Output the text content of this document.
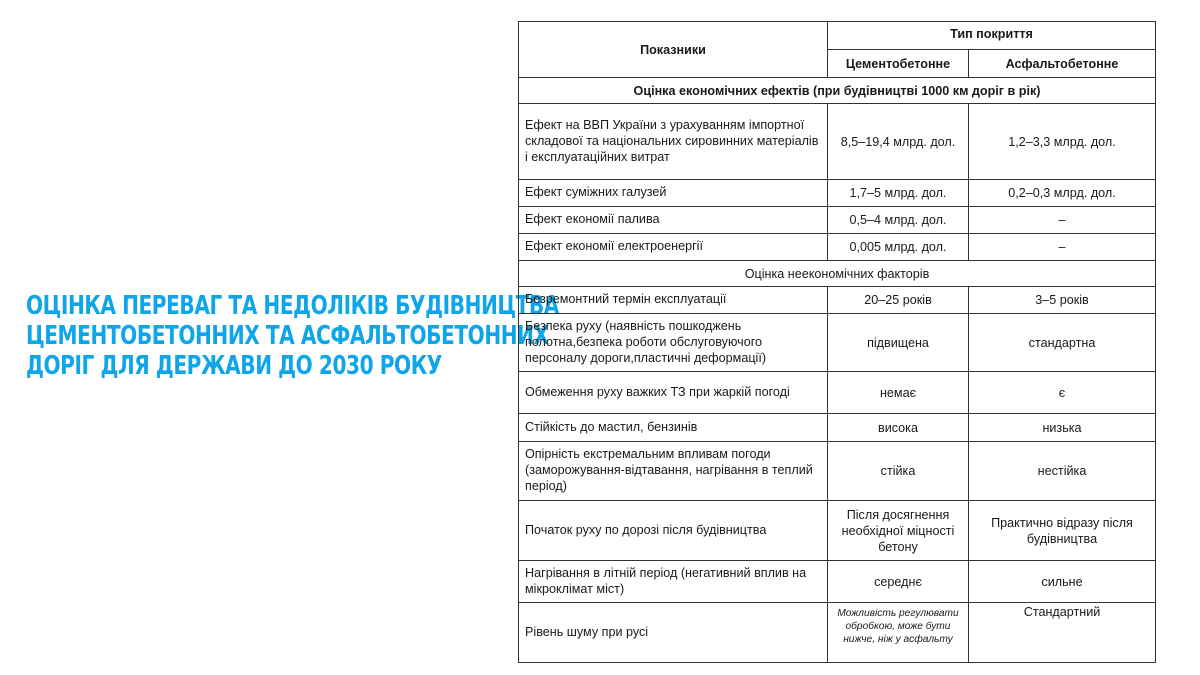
ОЦІНКА ПЕРЕВАГ ТА НЕДОЛІКІВ БУДІВНИЦТВА
ЦЕМЕНТОБЕТОННИХ ТА АСФАЛЬТОБЕТОННИХ
ДОРІГ ДЛЯ ДЕРЖАВИ ДО 2030 РОКУ
Показники	Тип покриття	
	Цементобетонне	Асфальтобетонне
Оцінка економічних ефектів (при будівництві 1000 км доріг в рік)		
Ефект на ВВП України з урахуванням імпортної складової та національних сировинних матеріалів і експлуатаційних витрат	8,5–19,4 млрд. дол.	1,2–3,3 млрд. дол.
Ефект суміжних галузей	1,7–5 млрд. дол.	0,2–0,3 млрд. дол.
Ефект економії палива	0,5–4 млрд. дол.	–
Ефект економії електроенергії	0,005 млрд. дол.	–
Оцінка неекономічних факторів		
Безремонтний термін експлуатації	20–25 років	3–5 років
Безпека руху (наявність пошкоджень полотна,безпека роботи обслуговуючого персоналу дороги,пластичні деформації)	підвищена	стандартна
Обмеження руху важких ТЗ при жаркій погоді	немає	є
Стійкість до мастил, бензинів	висока	низька
Опірність екстремальним впливам погоди (заморожування-відтавання, нагрівання в теплий період)	стійка	нестійка
Початок руху по дорозі після будівництва	Після досягнення необхідної міцності бетону	Практично відразу після будівництва
Нагрівання в літній період (негативний вплив на мікроклімат міст)	середнє	сильне
Рівень шуму при русі	Можливість регулювати обробкою, може бути нижче, ніж у асфальту	Стандартний
